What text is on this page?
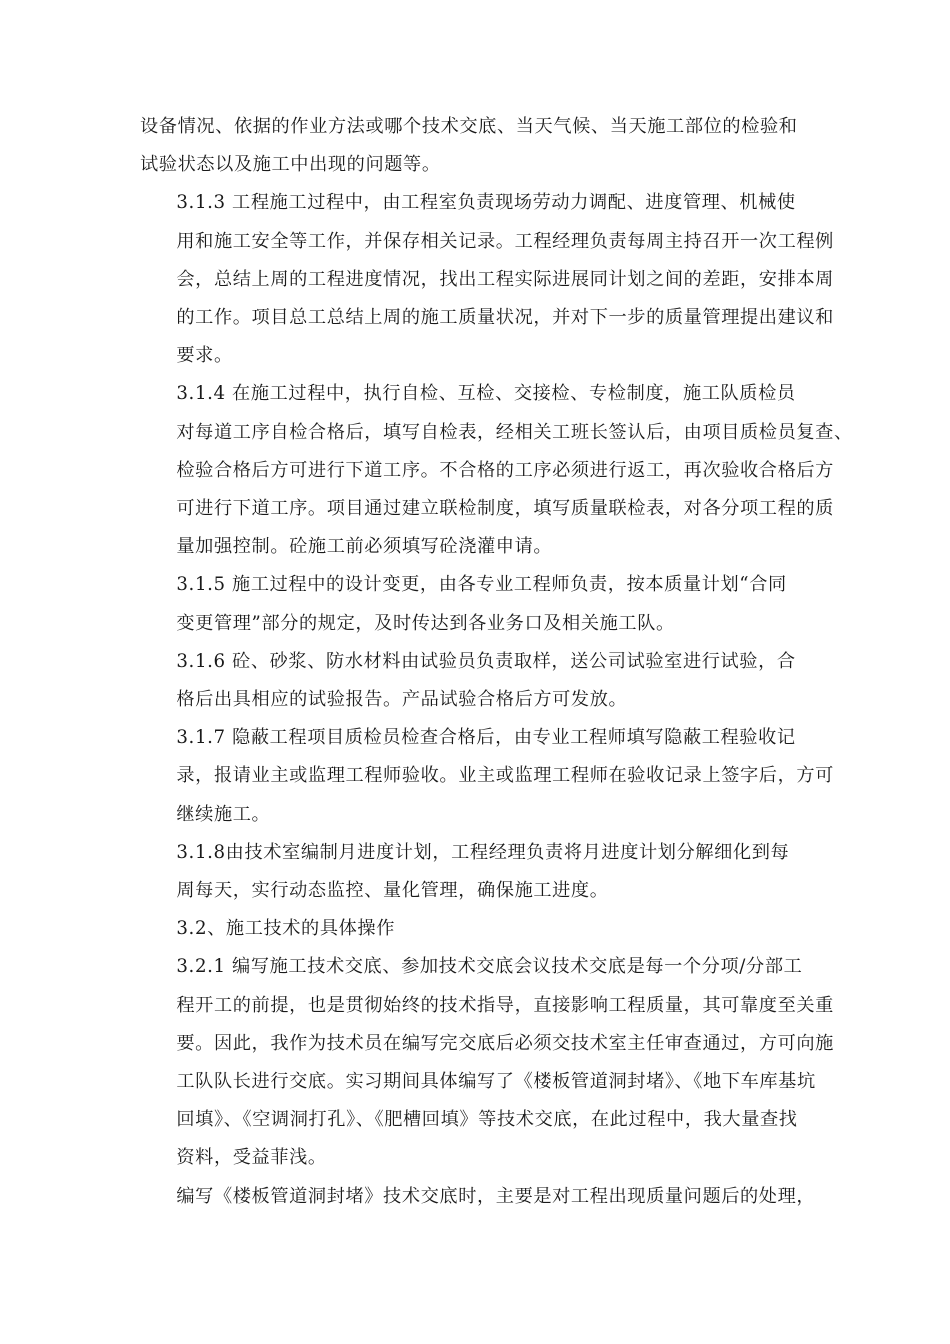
设备情况、依据的作业方法或哪个技术交底、当天气候、当天施工部位的检验和
试验状态以及施工中出现的问题等。

3.1.3 工程施工过程中，由工程室负责现场劳动力调配、进度管理、机械使
用和施工安全等工作，并保存相关记录。工程经理负责每周主持召开一次工程例
会，总结上周的工程进度情况，找出工程实际进展同计划之间的差距，安排本周
的工作。项目总工总结上周的施工质量状况，并对下一步的质量管理提出建议和
要求。

3.1.4 在施工过程中，执行自检、互检、交接检、专检制度，施工队质检员
对每道工序自检合格后，填写自检表，经相关工班长签认后，由项目质检员复查、
检验合格后方可进行下道工序。不合格的工序必须进行返工，再次验收合格后方
可进行下道工序。项目通过建立联检制度，填写质量联检表，对各分项工程的质
量加强控制。砼施工前必须填写砼浇灌申请。

3.1.5 施工过程中的设计变更，由各专业工程师负责，按本质量计划“合同
变更管理”部分的规定，及时传达到各业务口及相关施工队。

3.1.6 砼、砂浆、防水材料由试验员负责取样，送公司试验室进行试验，合
格后出具相应的试验报告。产品试验合格后方可发放。

3.1.7 隐蔽工程项目质检员检查合格后，由专业工程师填写隐蔽工程验收记
录，报请业主或监理工程师验收。业主或监理工程师在验收记录上签字后，方可
继续施工。

3.1.8由技术室编制月进度计划，工程经理负责将月进度计划分解细化到每
周每天，实行动态监控、量化管理，确保施工进度。

3.2、施工技术的具体操作

3.2.1 编写施工技术交底、参加技术交底会议技术交底是每一个分项/分部工
程开工的前提，也是贯彻始终的技术指导，直接影响工程质量，其可靠度至关重
要。因此，我作为技术员在编写完交底后必须交技术室主任审查通过，方可向施
工队队长进行交底。实习期间具体编写了《楼板管道洞封堵》、《地下车库基坑
回填》、《空调洞打孔》、《肥槽回填》等技术交底，在此过程中，我大量查找
资料，受益菲浅。

编写《楼板管道洞封堵》技术交底时，主要是对工程出现质量问题后的处理，
